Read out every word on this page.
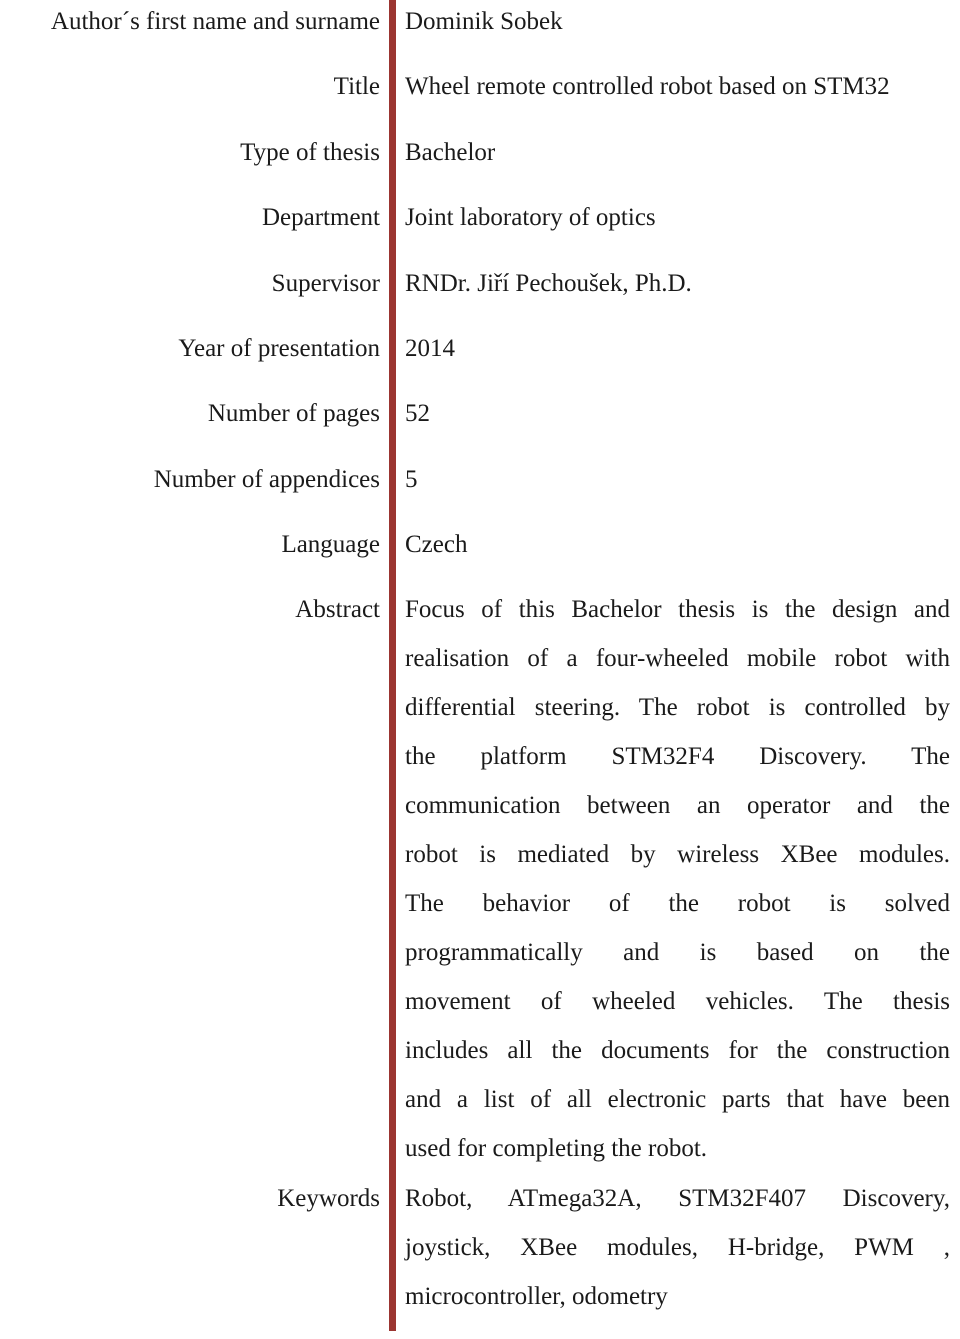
Author´s first name and surname Dominik Sobek
Title Wheel remote controlled robot based on STM32
Type of thesis Bachelor
Department Joint laboratory of optics
Supervisor RNDr. Jiří Pechoušek, Ph.D.
Year of presentation 2014
Number of pages 52
Number of appendices 5
Language Czech
Abstract Focus of this Bachelor thesis is the design and
realisation of a four-wheeled mobile robot with
differential steering. The robot is controlled by
the platform STM32F4 Discovery. The
communication between an operator and the
robot is mediated by wireless XBee modules.
The behavior of the robot is solved
programmatically and is based on the
movement of wheeled vehicles. The thesis
includes all the documents for the construction
and a list of all electronic parts that have been
used for completing the robot.
Keywords Robot, ATmega32A, STM32F407 Discovery,
joystick, XBee modules, H-bridge, PWM ,
microcontroller, odometry
